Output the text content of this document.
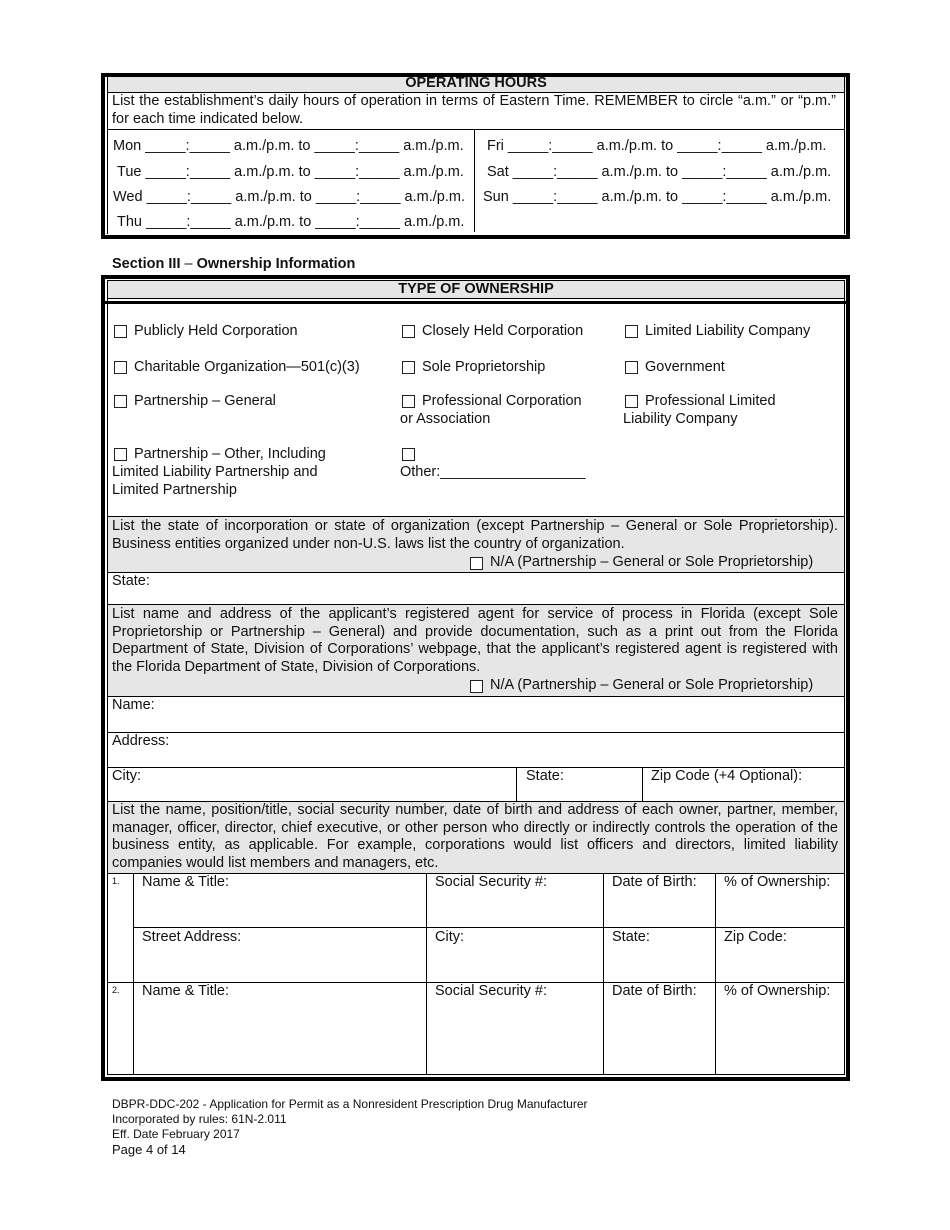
OPERATING HOURS
List the establishment’s daily hours of operation in terms of Eastern Time. REMEMBER to circle “a.m.” or “p.m.” for each time indicated below.
Mon _____:_____ a.m./p.m. to _____:_____ a.m./p.m.
Tue _____:_____ a.m./p.m. to _____:_____ a.m./p.m.
Wed _____:_____ a.m./p.m. to _____:_____ a.m./p.m.
Thu _____:_____ a.m./p.m. to _____:_____ a.m./p.m.
Fri _____:_____ a.m./p.m. to _____:_____ a.m./p.m.
Sat _____:_____ a.m./p.m. to _____:_____ a.m./p.m.
Sun _____:_____ a.m./p.m. to _____:_____ a.m./p.m.
Section III – Ownership Information
TYPE OF OWNERSHIP
Publicly Held Corporation	Closely Held Corporation	Limited Liability Company
Charitable Organization—501(c)(3)	Sole Proprietorship	Government
Partnership – General	Professional Corporation
or Association
Professional Limited
Liability Company
Partnership – Other, Including
Limited Liability Partnership and
Limited Partnership
Other:__________________
List the state of incorporation or state of organization (except Partnership – General or Sole Proprietorship). Business entities organized under non-U.S. laws list the country of organization.
N/A (Partnership – General or Sole Proprietorship)
State:
List name and address of the applicant’s registered agent for service of process in Florida (except Sole Proprietorship or Partnership – General) and provide documentation, such as a print out from the Florida Department of State, Division of Corporations’ webpage, that the applicant’s registered agent is registered with the Florida Department of State, Division of Corporations.
N/A (Partnership – General or Sole Proprietorship)
Name:
Address:
City:	State:	Zip Code (+4 Optional):
List the name, position/title, social security number, date of birth and address of each owner, partner, member, manager, officer, director, chief executive, or other person who directly or indirectly controls the operation of the business entity, as applicable. For example, corporations would list officers and directors, limited liability companies would list members and managers, etc.
1. Name & Title:	Social Security #:	Date of Birth: % of Ownership:
Street Address:	City:	State:	Zip Code:
2. Name & Title:	Social Security #:	Date of Birth: % of Ownership:
DBPR-DDC-202 - Application for Permit as a Nonresident Prescription Drug Manufacturer
Incorporated by rules: 61N-2.011
Eff. Date February 2017
Page 4 of 14
